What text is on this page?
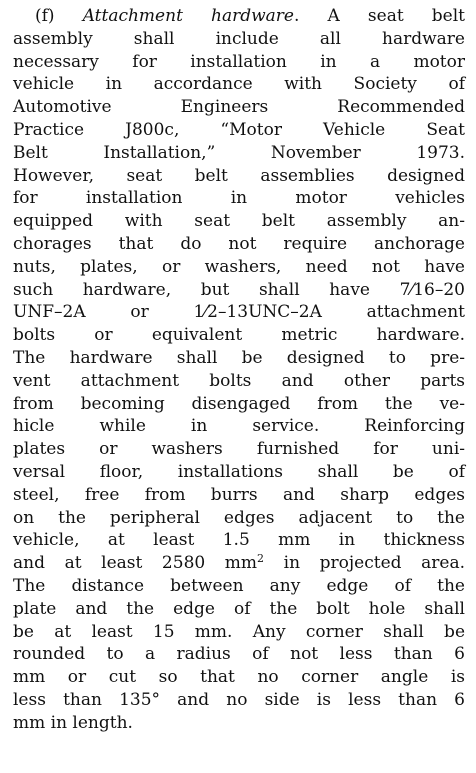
(f) Attachment hardware. A seat belt
assembly shall include all hardware
necessary for installation in a motor
vehicle in accordance with Society of
Automotive Engineers Recommended
Practice J800c, “Motor Vehicle Seat
Belt Installation,” November 1973.
However, seat belt assemblies designed
for installation in motor vehicles
equipped with seat belt assembly an-
chorages that do not require anchorage
nuts, plates, or washers, need not have
such hardware, but shall have 7⁄16–20
UNF–2A or 1⁄2–13UNC–2A attachment
bolts or equivalent metric hardware.
The hardware shall be designed to pre-
vent attachment bolts and other parts
from becoming disengaged from the ve-
hicle while in service. Reinforcing
plates or washers furnished for uni-
versal floor, installations shall be of
steel, free from burrs and sharp edges
on the peripheral edges adjacent to the
vehicle, at least 1.5 mm in thickness
and at least 2580 $mm^2$ in projected area.
The distance between any edge of the
plate and the edge of the bolt hole shall
be at least 15 mm. Any corner shall be
rounded to a radius of not less than 6
mm or cut so that no corner angle is
less than 135° and no side is less than 6
mm in length.
